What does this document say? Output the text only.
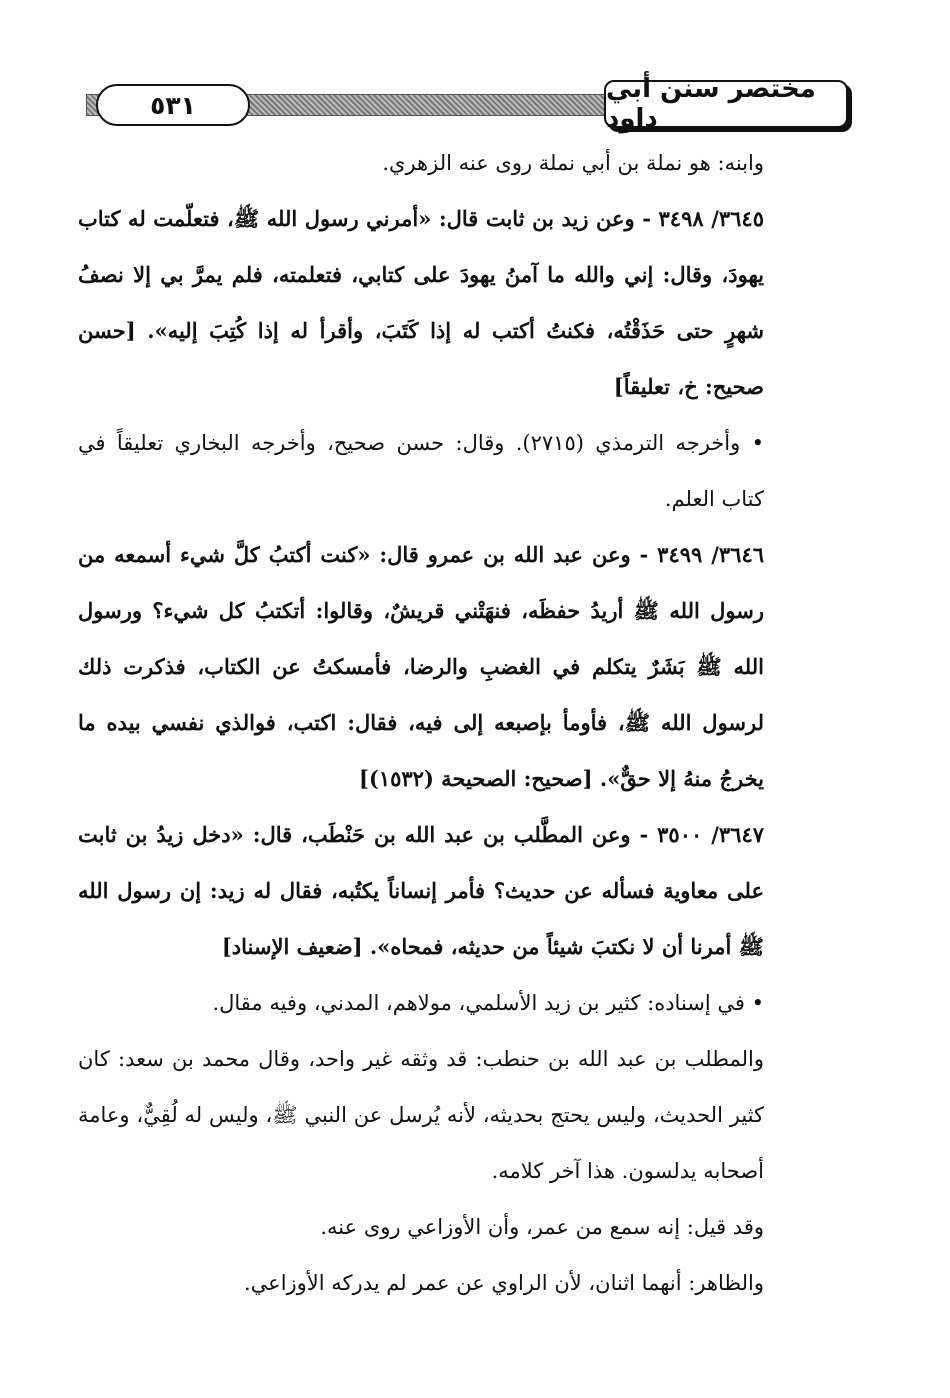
٥٣١
مختصر سنن أبي داود

وابنه: هو نملة بن أبي نملة روى عنه الزهري.

٣٦٤٥/ ٣٤٩٨ - وعن زيد بن ثابت قال: «أمرني رسول الله ﷺ، فتعلّمت له كتاب يهودَ، وقال: إني والله ما آمنُ يهودَ على كتابي، فتعلمته، فلم يمرَّ بي إلا نصفُ شهرٍ حتى حَذَقْتُه، فكنتُ أكتب له إذا كَتَبَ، وأقرأ له إذا كُتِبَ إليه». [حسن صحيح: خ، تعليقاً]

• وأخرجه الترمذي (٢٧١٥). وقال: حسن صحيح، وأخرجه البخاري تعليقاً في كتاب العلم.

٣٦٤٦/ ٣٤٩٩ - وعن عبد الله بن عمرو قال: «كنت أكتبُ كلَّ شيء أسمعه من رسول الله ﷺ أريدُ حفظَه، فنهَتْني قريشٌ، وقالوا: أتكتبُ كل شيء؟ ورسول الله ﷺ بَشَرٌ يتكلم في الغضبِ والرضا، فأمسكتُ عن الكتاب، فذكرت ذلك لرسول الله ﷺ، فأومأ بإصبعه إلى فيه، فقال: اكتب، فوالذي نفسي بيده ما يخرجُ منهُ إلا حقٌّ». [صحيح: الصحيحة (١٥٣٢)]

٣٦٤٧/ ٣٥٠٠ - وعن المطَّلب بن عبد الله بن حَنْطَب، قال: «دخل زيدُ بن ثابت على معاوية فسأله عن حديث؟ فأمر إنساناً يكتُبه، فقال له زيد: إن رسول الله ﷺ أمرنا أن لا نكتبَ شيئاً من حديثه، فمحاه». [ضعيف الإسناد]

• في إسناده: كثير بن زيد الأسلمي، مولاهم، المدني، وفيه مقال.

والمطلب بن عبد الله بن حنطب: قد وثقه غير واحد، وقال محمد بن سعد: كان كثير الحديث، وليس يحتج بحديثه، لأنه يُرسل عن النبي ﷺ، وليس له لُقِيٌّ، وعامة أصحابه يدلسون. هذا آخر كلامه.

وقد قيل: إنه سمع من عمر، وأن الأوزاعي روى عنه.

والظاهر: أنهما اثنان، لأن الراوي عن عمر لم يدركه الأوزاعي.
